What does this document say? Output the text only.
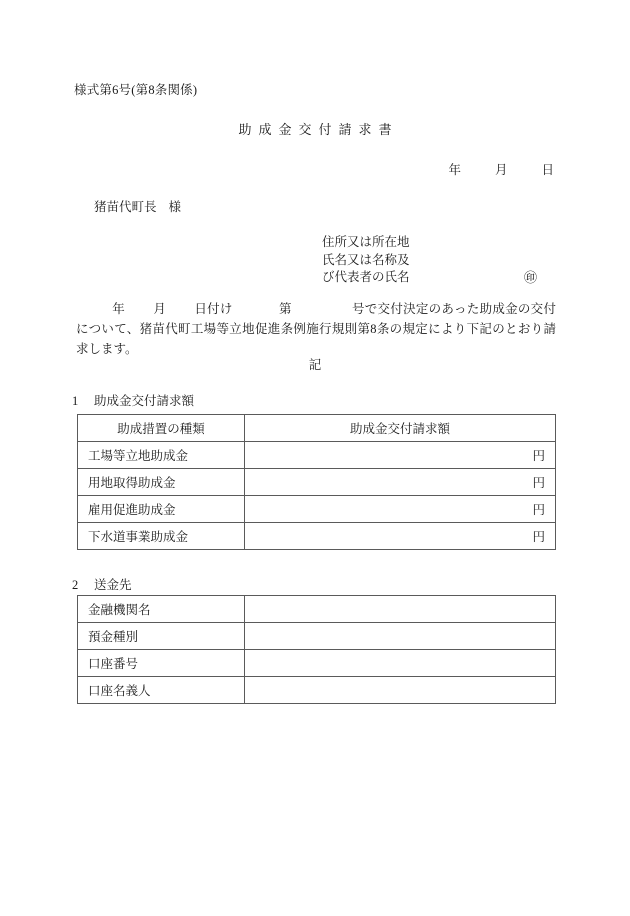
様式第6号(第8条関係)
助成金交付請求書
年	月	日
猪苗代町長 様
住所又は所在地
氏名又は名称及
び代表者の氏名	㊞
年 月 日付け	第	号で交付決定のあった助成金の交付について、猪苗代町工場等立地促進条例施行規則第8条の規定により下記のとおり請求します。
記
1 助成金交付請求額
助成措置の種類	助成金交付請求額
工場等立地助成金	円
用地取得助成金	円
雇用促進助成金	円
下水道事業助成金	円
2 送金先
金融機関名	
預金種別	
口座番号	
口座名義人	
